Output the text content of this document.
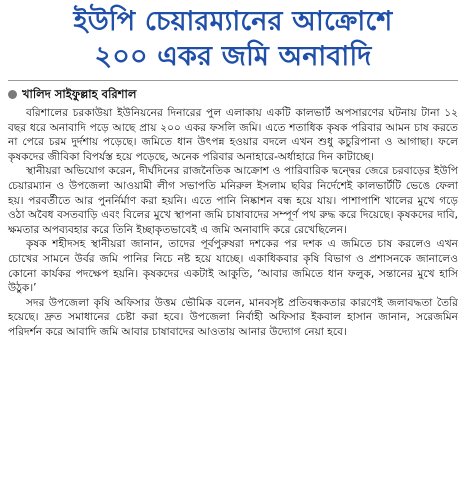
ইউপি চেয়ারম্যানের আক্রোশে
২০০ একর জমি অনাবাদি
খালিদ সাইফুল্লাহ বরিশাল

বরিশালের চরকাউয়া ইউনিয়নের দিনারের পুল এলাকায় একটি কালভার্ট অপসারণের ঘটনায় টানা ১২ বছর ধরে অনাবাদি পড়ে আছে প্রায় ২০০ একর ফসলি জমি। এতে শতাধিক কৃষক পরিবার আমন চাষ করতে না পেরে চরম দুর্দশায় পড়েছে। জমিতে ধান উৎপন্ন হওয়ার বদলে এখন শুধু কচুরিপানা ও আগাছা। ফলে কৃষকদের জীবিকা বিপর্যস্ত হয়ে পড়েছে, অনেক পরিবার অনাহারে-অর্ধাহারে দিন কাটাচ্ছে।

স্থানীয়রা অভিযোগ করেন, দীর্ঘদিনের রাজনৈতিক আক্রোশ ও পারিবারিক দ্বন্দ্বের জেরে চরবাড়ের ইউপি চেয়ারম্যান ও উপজেলা আওয়ামী লীগ সভাপতি মনিরুল ইসলাম ছবির নির্দেশেই কালভার্টটি ভেঙে ফেলা হয়। পরবর্তীতে আর পুনর্নির্মাণ করা হয়নি। এতে পানি নিষ্কাশন বন্ধ হয়ে যায়। পাশাপাশি খালের মুখে গড়ে ওঠা অবৈধ বসতবাড়ি এবং বিলের মুখে স্থাপনা জমি চাষাবাদের সম্পূর্ণ পথ রুদ্ধ করে দিয়েছে। কৃষকদের দাবি, ক্ষমতার অপব্যবহার করে তিনি ইচ্ছাকৃতভাবেই এ জমি অনাবাদি করে রেখেছিলেন।

কৃষক শহীদসহ স্থানীয়রা জানান, তাদের পূর্বপুরুষরা দশকের পর দশক এ জমিতে চাষ করলেও এখন চোখের সামনে উর্বর জমি পানির নিচে নষ্ট হয়ে যাচ্ছে। একাধিকবার কৃষি বিভাগ ও প্রশাসনকে জানালেও কোনো কার্যকর পদক্ষেপ হয়নি। কৃষকদের একটাই আকুতি, ‘আবার জমিতে ধান ফলুক, সন্তানের মুখে হাসি উঠুক।’

সদর উপজেলা কৃষি অফিসার উত্তম ভৌমিক বলেন, মানবসৃষ্ট প্রতিবন্ধকতার কারণেই জলাবদ্ধতা তৈরি হয়েছে। দ্রুত সমাধানের চেষ্টা করা হবে। উপজেলা নির্বাহী অফিসার ইকবাল হাসান জানান, সরেজমিন পরিদর্শন করে আবাদি জমি আবার চাষাবাদের আওতায় আনার উদ্যোগ নেয়া হবে।
